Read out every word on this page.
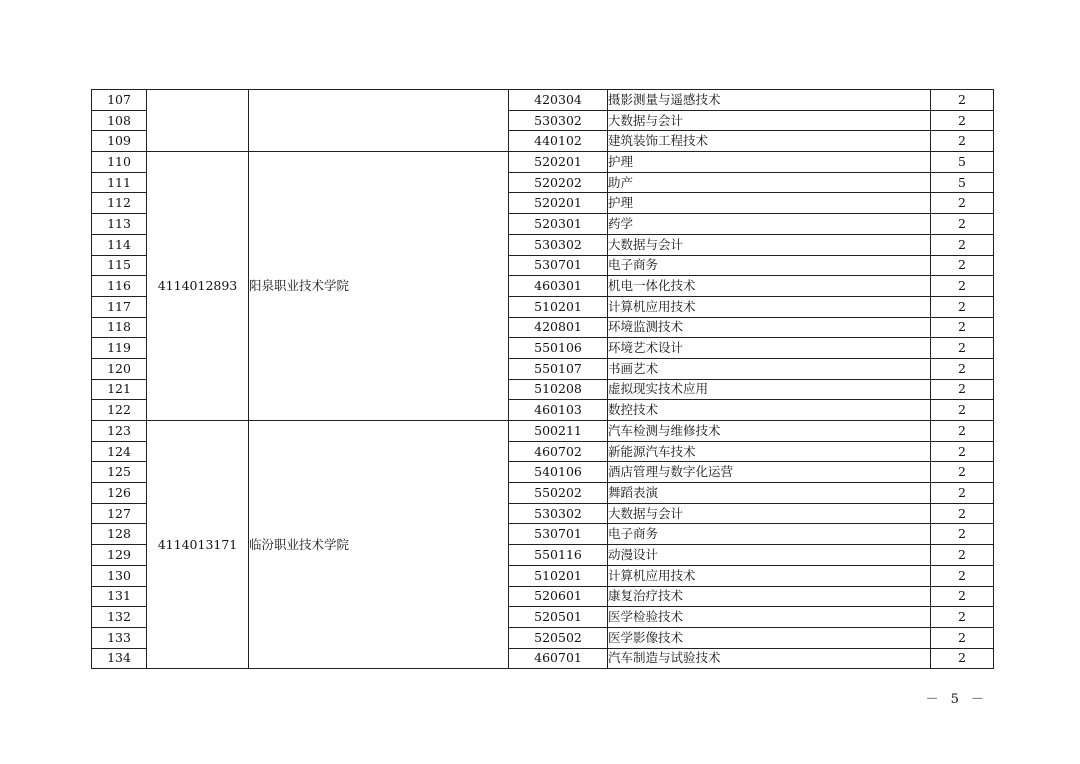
107			420304	摄影测量与遥感技术	2
108			530302	大数据与会计	2
109			440102	建筑装饰工程技术	2
110	4114012893	阳泉职业技术学院	520201	护理	5
111			520202	助产	5
112			520201	护理	2
113			520301	药学	2
114			530302	大数据与会计	2
115			530701	电子商务	2
116			460301	机电一体化技术	2
117			510201	计算机应用技术	2
118			420801	环境监测技术	2
119			550106	环境艺术设计	2
120			550107	书画艺术	2
121			510208	虚拟现实技术应用	2
122			460103	数控技术	2
123	4114013171	临汾职业技术学院	500211	汽车检测与维修技术	2
124			460702	新能源汽车技术	2
125			540106	酒店管理与数字化运营	2
126			550202	舞蹈表演	2
127			530302	大数据与会计	2
128			530701	电子商务	2
129			550116	动漫设计	2
130			510201	计算机应用技术	2
131			520601	康复治疗技术	2
132			520501	医学检验技术	2
133			520502	医学影像技术	2
134			460701	汽车制造与试验技术	2
－ 5 －
